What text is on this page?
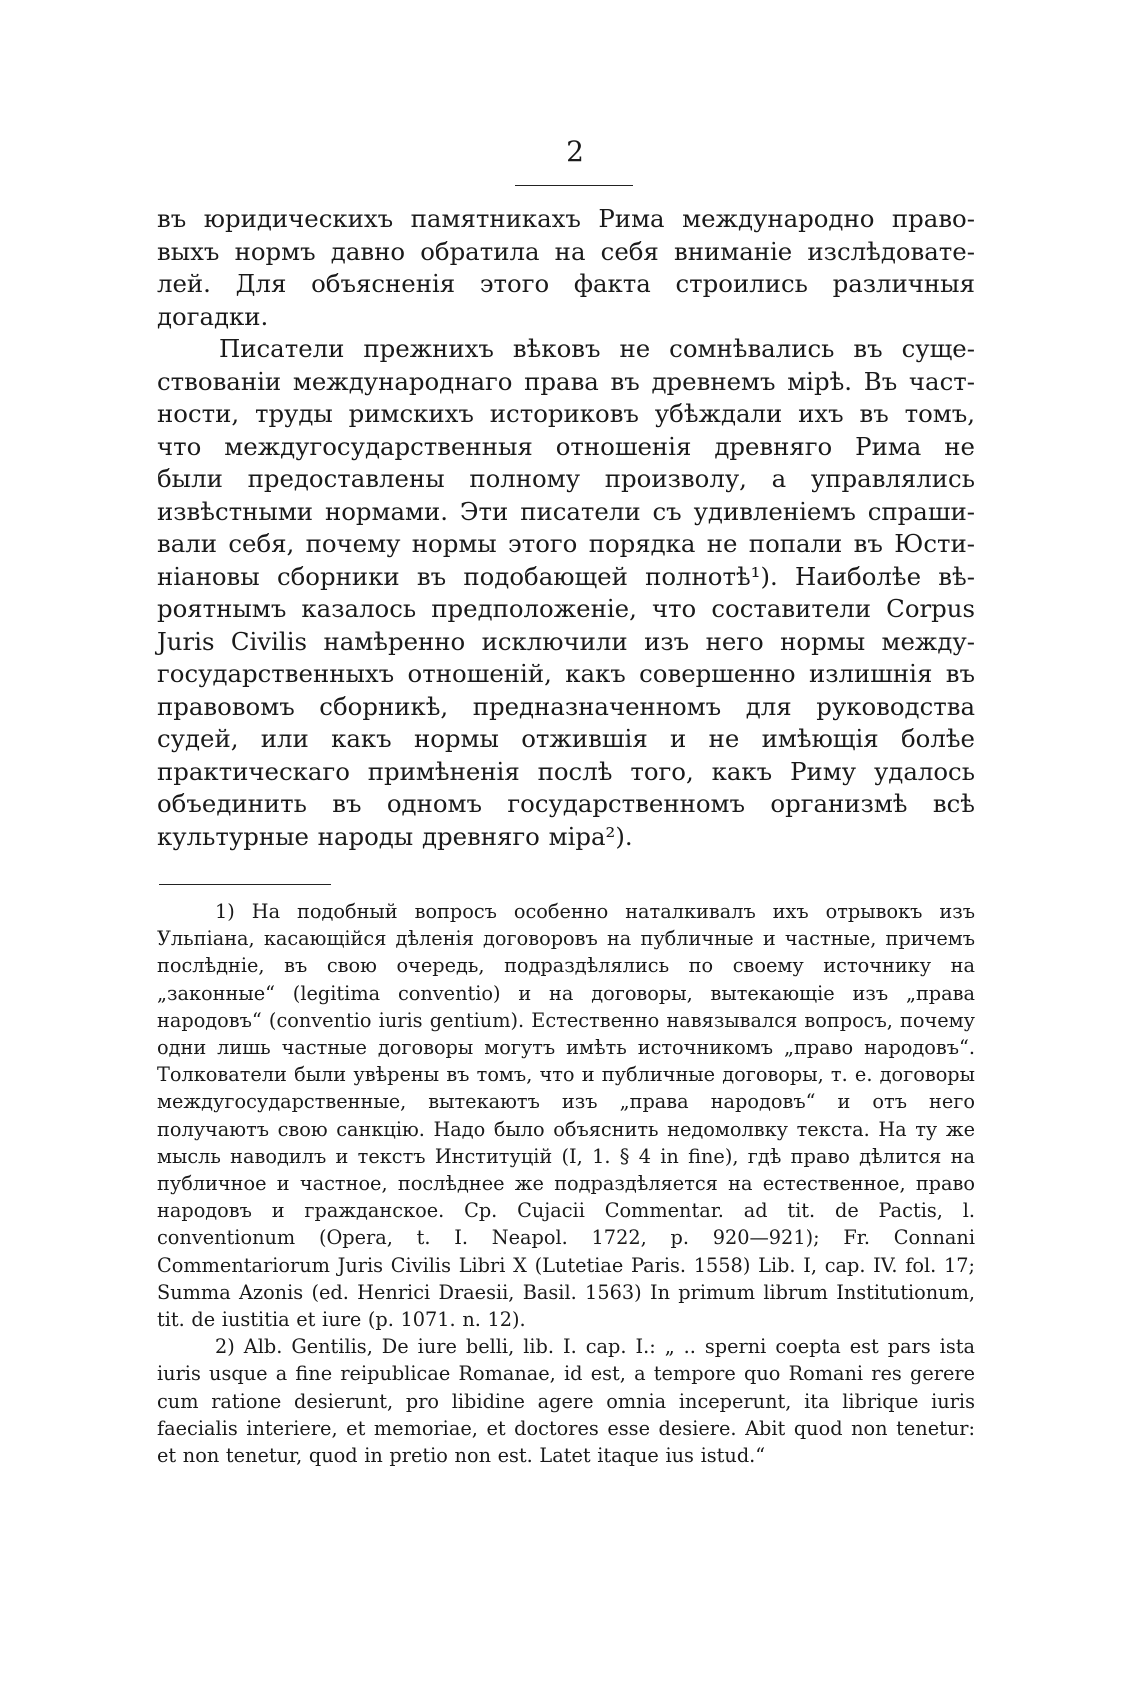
2

въ юридическихъ памятникахъ Рима международно правовыхъ нормъ давно обратила на себя вниманіе изслѣдователей. Для объясненія этого факта строились различныя догадки.

Писатели прежнихъ вѣковъ не сомнѣвались въ существованіи международнаго права въ древнемъ мірѣ. Въ частности, труды римскихъ историковъ убѣждали ихъ въ томъ, что междугосударственныя отношенія древняго Рима не были предоставлены полному произволу, а управлялись извѣстными нормами. Эти писатели съ удивленіемъ спрашивали себя, почему нормы этого порядка не попали въ Юстиніановы сборники въ подобающей полнотѣ¹). Наиболѣе вѣроятнымъ казалось предположеніе, что составители Corpus Juris Civilis намѣренно исключили изъ него нормы междугосударственныхъ отношеній, какъ совершенно излишнія въ правовомъ сборникѣ, предназначенномъ для руководства судей, или какъ нормы отжившія и не имѣющія болѣе практическаго примѣненія послѣ того, какъ Риму удалось объединить въ одномъ государственномъ организмѣ всѣ культурные народы древняго міра²).

1) На подобный вопросъ особенно наталкивалъ ихъ отрывокъ изъ Ульпіана, касающійся дѣленія договоровъ на публичные и частные, причемъ послѣдніе, въ свою очередь, подраздѣлялись по своему источнику на „законные“ (legitima conventio) и на договоры, вытекающіе изъ „права народовъ“ (conventio iuris gentium). Естественно навязывался вопросъ, почему одни лишь частные договоры могутъ имѣть источникомъ „право народовъ“. Толкователи были увѣрены въ томъ, что и публичные договоры, т. е. договоры междугосударственные, вытекаютъ изъ „права народовъ“ и отъ него получаютъ свою санкцію. Надо было объяснить недомолвку текста. На ту же мысль наводилъ и текстъ Институцій (I, 1. § 4 in fine), гдѣ право дѣлится на публичное и частное, послѣднее же подраздѣляется на естественное, право народовъ и гражданское. Ср. Cujacii Commentar. ad tit. de Pactis, l. conventionum (Opera, t. I. Neapol. 1722, p. 920—921); Fr. Connani Commentariorum Juris Civilis Libri X (Lutetiae Paris. 1558) Lib. I, cap. IV. fol. 17; Summa Azonis (ed. Henrici Draesii, Basil. 1563) In primum librum Institutionum, tit. de iustitia et iure (p. 1071. n. 12).

2) Alb. Gentilis, De iure belli, lib. I. cap. I.: „ .. sperni coepta est pars ista iuris usque a fine reipublicae Romanae, id est, a tempore quo Romani res gerere cum ratione desierunt, pro libidine agere omnia inceperunt, ita librique iuris faecialis interiere, et memoriae, et doctores esse desiere. Abit quod non tenetur: et non tenetur, quod in pretio non est. Latet itaque ius istud.“
